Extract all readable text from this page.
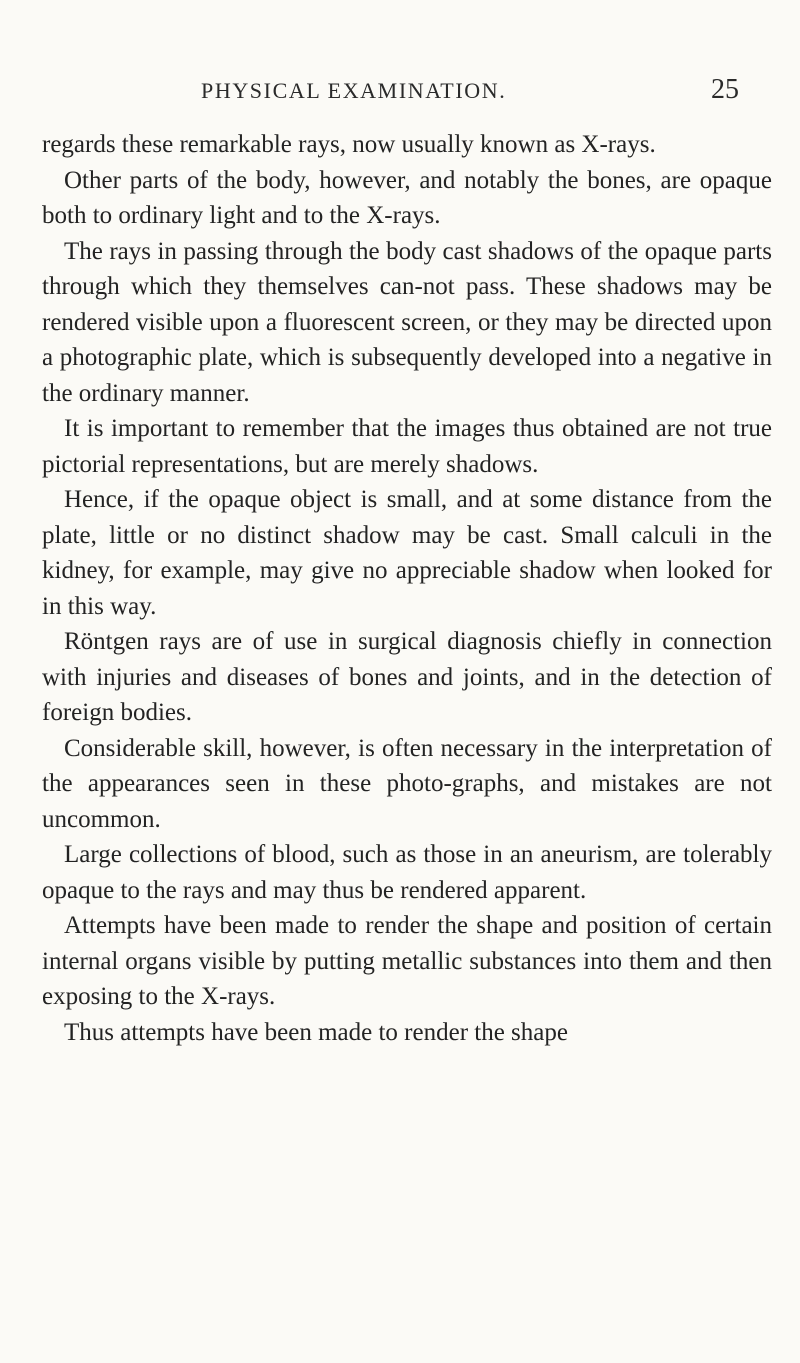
PHYSICAL EXAMINATION.	25

regards these remarkable rays, now usually known as X-rays.

Other parts of the body, however, and notably the bones, are opaque both to ordinary light and to the X-rays.

The rays in passing through the body cast shadows of the opaque parts through which they themselves can-not pass. These shadows may be rendered visible upon a fluorescent screen, or they may be directed upon a photographic plate, which is subsequently developed into a negative in the ordinary manner.

It is important to remember that the images thus obtained are not true pictorial representations, but are merely shadows.

Hence, if the opaque object is small, and at some distance from the plate, little or no distinct shadow may be cast. Small calculi in the kidney, for example, may give no appreciable shadow when looked for in this way.

Röntgen rays are of use in surgical diagnosis chiefly in connection with injuries and diseases of bones and joints, and in the detection of foreign bodies.

Considerable skill, however, is often necessary in the interpretation of the appearances seen in these photo-graphs, and mistakes are not uncommon.

Large collections of blood, such as those in an aneurism, are tolerably opaque to the rays and may thus be rendered apparent.

Attempts have been made to render the shape and position of certain internal organs visible by putting metallic substances into them and then exposing to the X-rays.

Thus attempts have been made to render the shape
